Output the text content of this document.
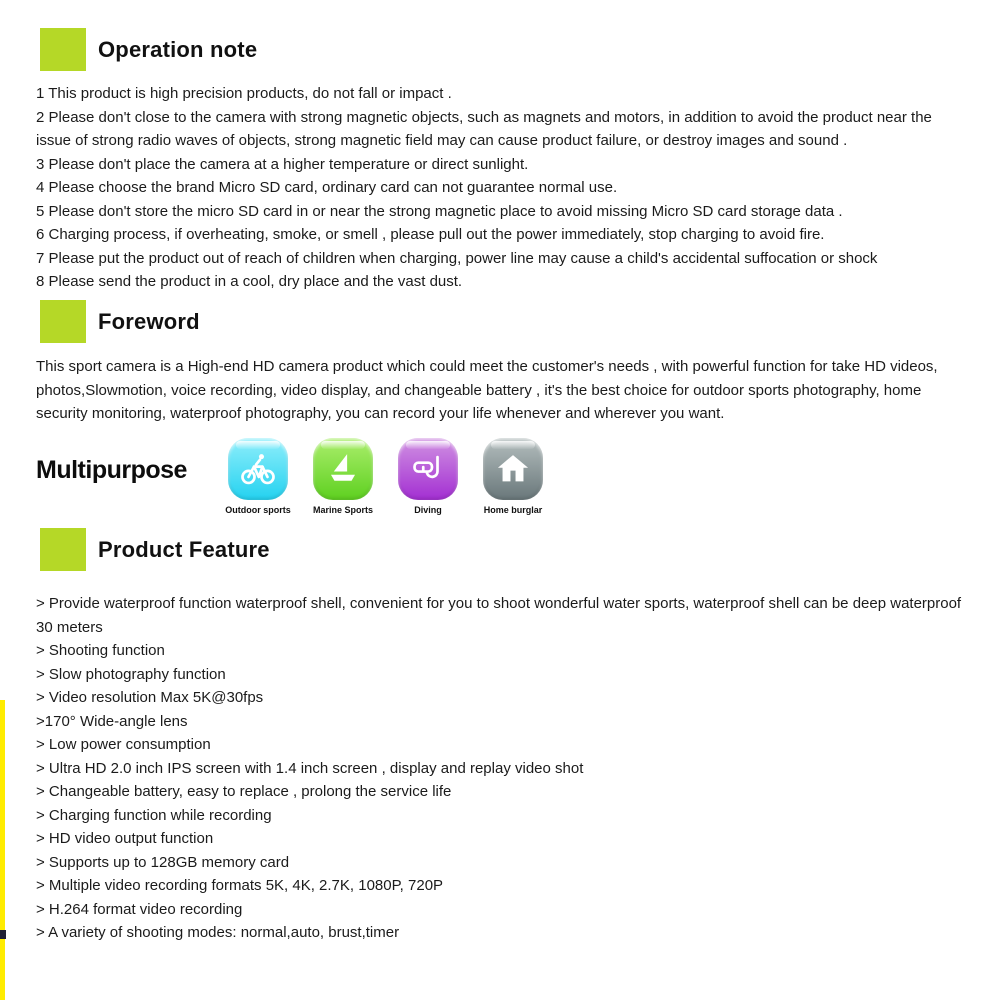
Operation note
1 This product is high precision products, do not fall or impact .
2 Please don't close to the camera with strong magnetic objects, such as magnets and motors, in addition to avoid the product near the issue of strong radio waves of objects, strong magnetic field may can cause product failure, or destroy images and sound .
3 Please don't place the camera at a higher temperature or direct sunlight.
4 Please choose the brand Micro SD card, ordinary card can not guarantee normal use.
5 Please don't store the micro SD card in or near the strong magnetic place to avoid missing Micro SD card storage data .
6 Charging process, if overheating, smoke, or smell , please pull out the power immediately, stop charging to avoid fire.
7 Please put the product out of reach of children when charging, power line may cause a child's accidental suffocation or shock
8 Please send the product in a cool, dry place and the vast dust.
Foreword
This sport camera is a High-end HD camera product which could meet the customer's needs , with powerful function for take HD videos, photos,Slowmotion, voice recording, video display, and changeable battery , it's the best choice for outdoor sports photography, home security monitoring, waterproof photography, you can record your life whenever and wherever you want.
Multipurpose
Outdoor sports Marine Sports	Diving	Home burglar
Product Feature
> Provide waterproof function waterproof shell, convenient for you to shoot wonderful water sports, waterproof shell can be deep waterproof 30 meters
> Shooting function
> Slow photography function
> Video resolution Max 5K@30fps
>170° Wide-angle lens
> Low power consumption
> Ultra HD 2.0 inch IPS screen with 1.4 inch screen , display and replay video shot
> Changeable battery, easy to replace , prolong the service life
> Charging function while recording
> HD video output function
> Supports up to 128GB memory card
> Multiple video recording formats 5K, 4K, 2.7K, 1080P, 720P
> H.264 format video recording
> A variety of shooting modes: normal,auto, brust,timer
